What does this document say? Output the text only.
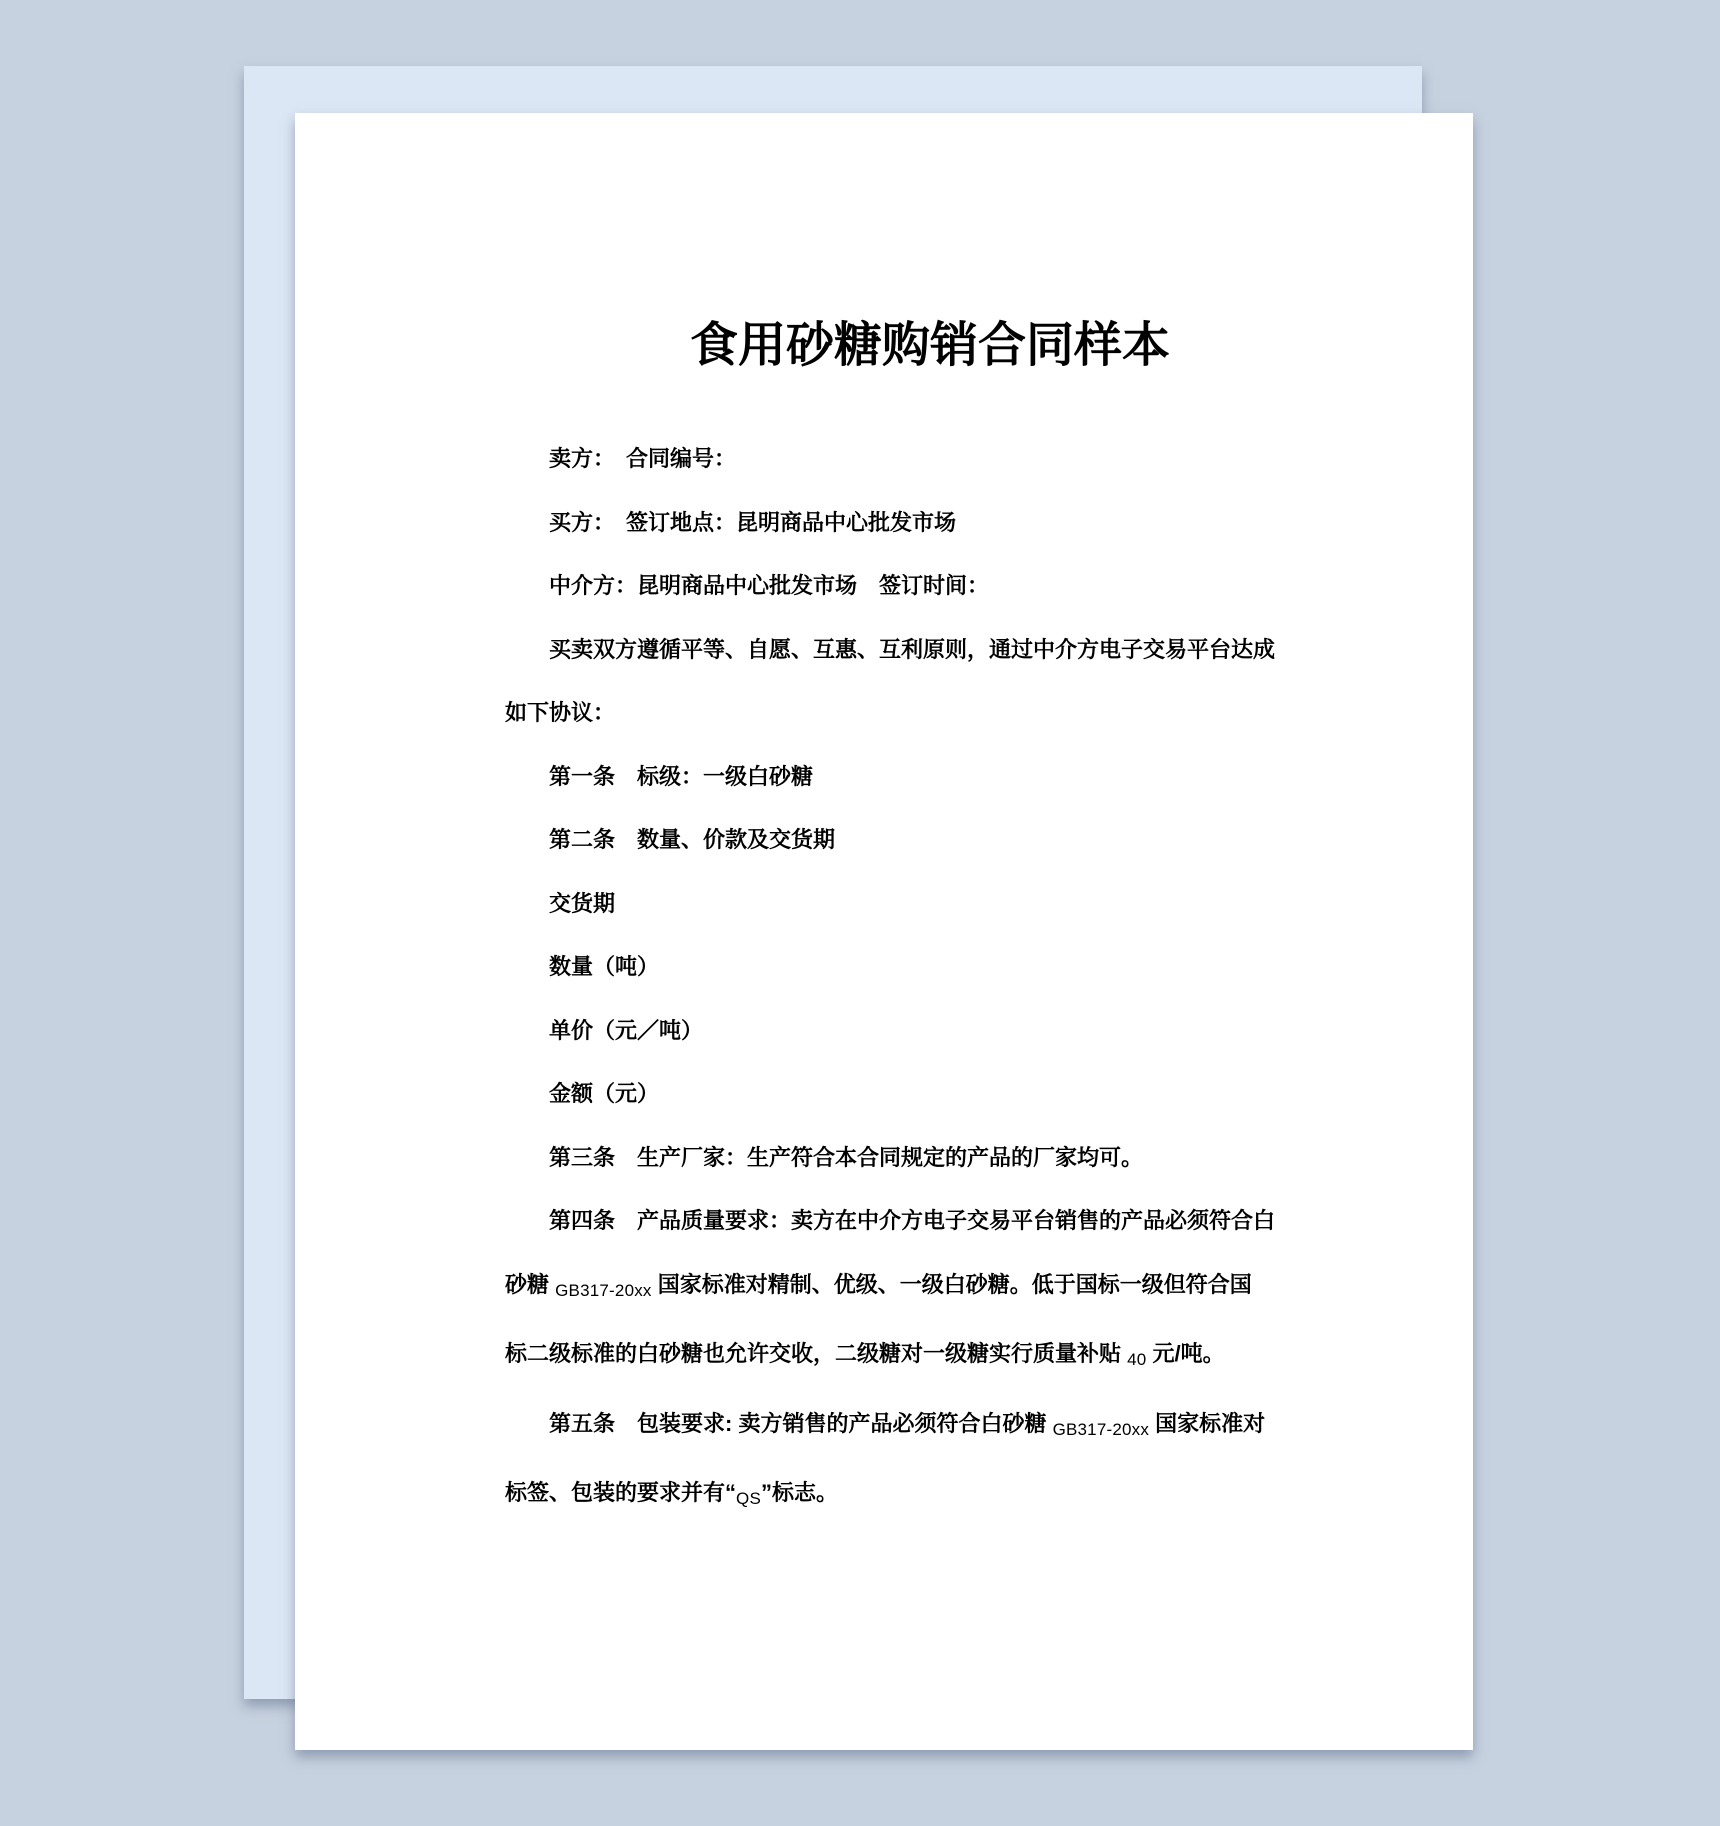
食用砂糖购销合同样本

卖方：　合同编号：

买方：　签订地点：昆明商品中心批发市场

中介方：昆明商品中心批发市场　签订时间：

买卖双方遵循平等、自愿、互惠、互利原则，通过中介方电子交易平台达成

如下协议：

第一条　标级：一级白砂糖

第二条　数量、价款及交货期

交货期

数量（吨）

单价（元／吨）

金额（元）

第三条　生产厂家：生产符合本合同规定的产品的厂家均可。

第四条　产品质量要求：卖方在中介方电子交易平台销售的产品必须符合白

砂糖 GB317-20xx 国家标准对精制、优级、一级白砂糖。低于国标一级但符合国

标二级标准的白砂糖也允许交收，二级糖对一级糖实行质量补贴 40 元/吨。

第五条　包装要求: 卖方销售的产品必须符合白砂糖 GB317-20xx 国家标准对

标签、包装的要求并有“QS”标志。
